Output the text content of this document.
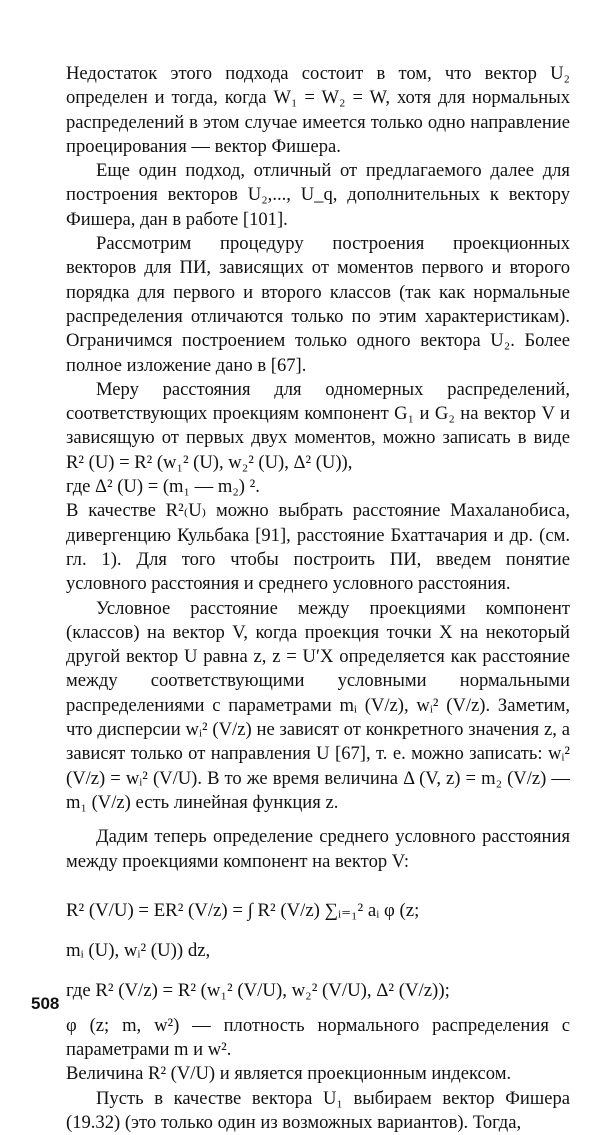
Недостаток этого подхода состоит в том, что вектор U₂ определен и тогда, когда W₁ = W₂ = W, хотя для нормальных распределений в этом случае имеется только одно направление проецирования — вектор Фишера.

Еще один подход, отличный от предлагаемого далее для построения векторов U₂,..., U_q, дополнительных к вектору Фишера, дан в работе [101].

Рассмотрим процедуру построения проекционных векторов для ПИ, зависящих от моментов первого и второго порядка для первого и второго классов (так как нормальные распределения отличаются только по этим характеристикам). Ограничимся построением только одного вектора U₂. Более полное изложение дано в [67].

Меру расстояния для одномерных распределений, соответствующих проекциям компонент G₁ и G₂ на вектор V и зависящую от первых двух моментов, можно записать в виде R² (U) = R² (w₁² (U), w₂² (U), Δ² (U)),

где Δ² (U) = (m₁ — m₂) ².

В качестве R²₍U₎ можно выбрать расстояние Махаланобиса, дивергенцию Кульбака [91], расстояние Бхаттачария и др. (см. гл. 1). Для того чтобы построить ПИ, введем понятие условного расстояния и среднего условного расстояния.

Условное расстояние между проекциями компонент (классов) на вектор V, когда проекция точки X на некоторый другой вектор U равна z, z = U′X определяется как расстояние между соответствующими условными нормальными распределениями с параметрами mᵢ (V/z), wᵢ² (V/z). Заметим, что дисперсии wᵢ² (V/z) не зависят от конкретного значения z, а зависят только от направления U [67], т. е. можно записать: wᵢ² (V/z) = wᵢ² (V/U). В то же время величина Δ (V, z) = m₂ (V/z) — m₁ (V/z) есть линейная функция z.

Дадим теперь определение среднего условного расстояния между проекциями компонент на вектор V:

R² (V/U) = ER² (V/z) = ∫ R² (V/z) ∑ᵢ₌₁² aᵢ φ (z;

mᵢ (U), wᵢ² (U)) dz,

где R² (V/z) = R² (w₁² (V/U), w₂² (V/U), Δ² (V/z));

φ (z; m, w²) — плотность нормального распределения с параметрами m и w².

Величина R² (V/U) и является проекционным индексом.

Пусть в качестве вектора U₁ выбираем вектор Фишера (19.32) (это только один из возможных вариантов). Тогда,

508
